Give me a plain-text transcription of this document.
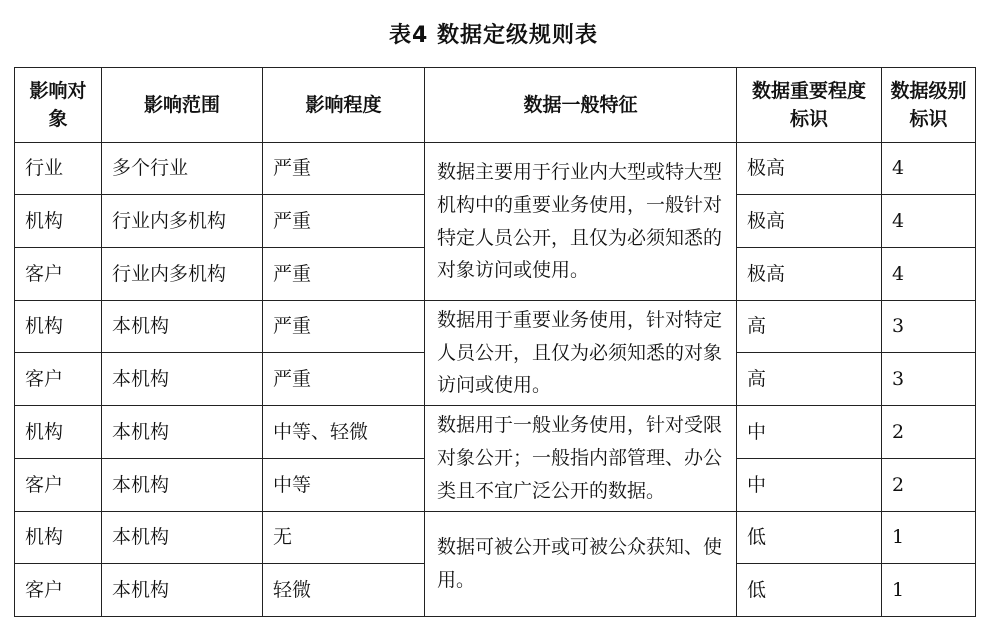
表4 数据定级规则表
影响对象	影响范围	影响程度	数据一般特征	数据重要程度标识	数据级别标识
行业	多个行业	严重	数据主要用于行业内大型或特大型机构中的重要业务使用，一般针对特定人员公开，且仅为必须知悉的对象访问或使用。	极高	4
机构	行业内多机构	严重		极高	4
客户	行业内多机构	严重		极高	4
机构	本机构	严重	数据用于重要业务使用，针对特定人员公开，且仅为必须知悉的对象访问或使用。	高	3
客户	本机构	严重		高	3
机构	本机构	中等、轻微	数据用于一般业务使用，针对受限对象公开；一般指内部管理、办公类且不宜广泛公开的数据。	中	2
客户	本机构	中等		中	2
机构	本机构	无	数据可被公开或可被公众获知、使用。	低	1
客户	本机构	轻微		低	1
